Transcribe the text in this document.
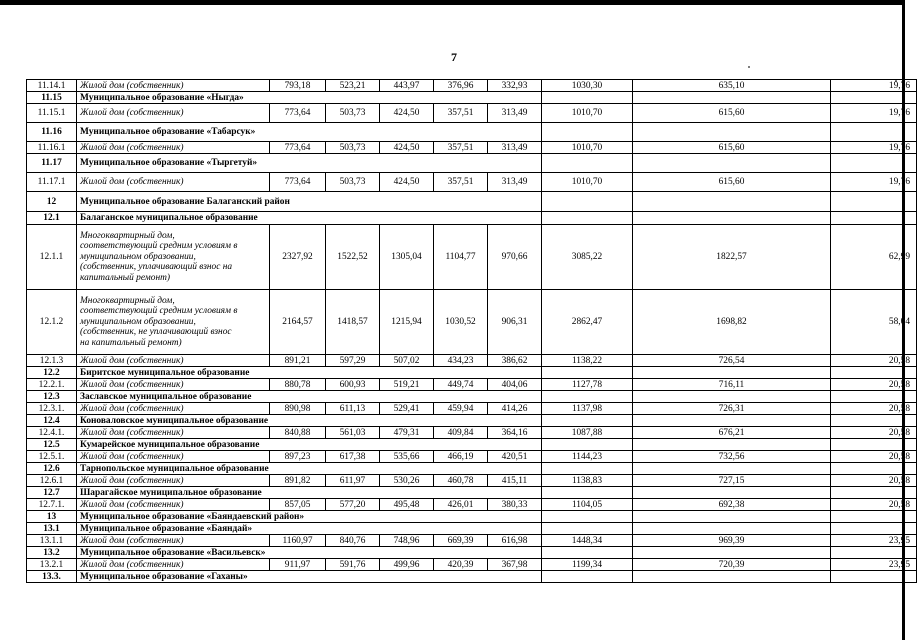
7
11.14.1	Жилой дом (собственник)	793,18	523,21	443,97	376,96	332,93	1030,30	635,10	19,76
11.15	Муниципальное образование «Ныгда»								
11.15.1	Жилой дом (собственник)	773,64	503,73	424,50	357,51	313,49	1010,70	615,60	19,76
11.16	Муниципальное образование «Табарсук»								
11.16.1	Жилой дом (собственник)	773,64	503,73	424,50	357,51	313,49	1010,70	615,60	19,76
11.17	Муниципальное образование «Тыргетуй»								
11.17.1	Жилой дом (собственник)	773,64	503,73	424,50	357,51	313,49	1010,70	615,60	19,76
12	Муниципальное образование Балаганский район								
12.1	Балаганское муниципальное образование								
12.1.1	Многоквартирный дом,
соответствующий средним условиям в
муниципальном образовании,
(собственник, уплачивающий взнос на
капитальный ремонт)	2327,92	1522,52	1305,04	1104,77	970,66	3085,22	1822,57	62,99
12.1.2	Многоквартирный дом,
соответствующий средним условиям в
муниципальном образовании,
(собственник, не уплачивающий взнос
на капитальный ремонт)	2164,57	1418,57	1215,94	1030,52	906,31	2862,47	1698,82	58,04
12.1.3	Жилой дом (собственник)	891,21	597,29	507,02	434,23	386,62	1138,22	726,54	20,58
12.2	Биритское муниципальное образование								
12.2.1.	Жилой дом (собственник)	880,78	600,93	519,21	449,74	404,06	1127,78	716,11	20,58
12.3	Заславское муниципальное образование								
12.3.1.	Жилой дом (собственник)	890,98	611,13	529,41	459,94	414,26	1137,98	726,31	20,58
12.4	Коноваловское муниципальное образование								
12.4.1.	Жилой дом (собственник)	840,88	561,03	479,31	409,84	364,16	1087,88	676,21	20,58
12.5	Кумарейское муниципальное образование								
12.5.1.	Жилой дом (собственник)	897,23	617,38	535,66	466,19	420,51	1144,23	732,56	20,58
12.6	Тарнопольское муниципальное образование								
12.6.1	Жилой дом (собственник)	891,82	611,97	530,26	460,78	415,11	1138,83	727,15	20,58
12.7	Шарагайское муниципальное образование								
12.7.1.	Жилой дом (собственник)	857,05	577,20	495,48	426,01	380,33	1104,05	692,38	20,58
13	Муниципальное образование «Баяндаевский район»								
13.1	Муниципальное образование «Баяндай»								
13.1.1	Жилой дом (собственник)	1160,97	840,76	748,96	669,39	616,98	1448,34	969,39	23,95
13.2	Муниципальное образование «Васильевск»								
13.2.1	Жилой дом (собственник)	911,97	591,76	499,96	420,39	367,98	1199,34	720,39	23,95
13.3.	Муниципальное образование «Гаханы»								
